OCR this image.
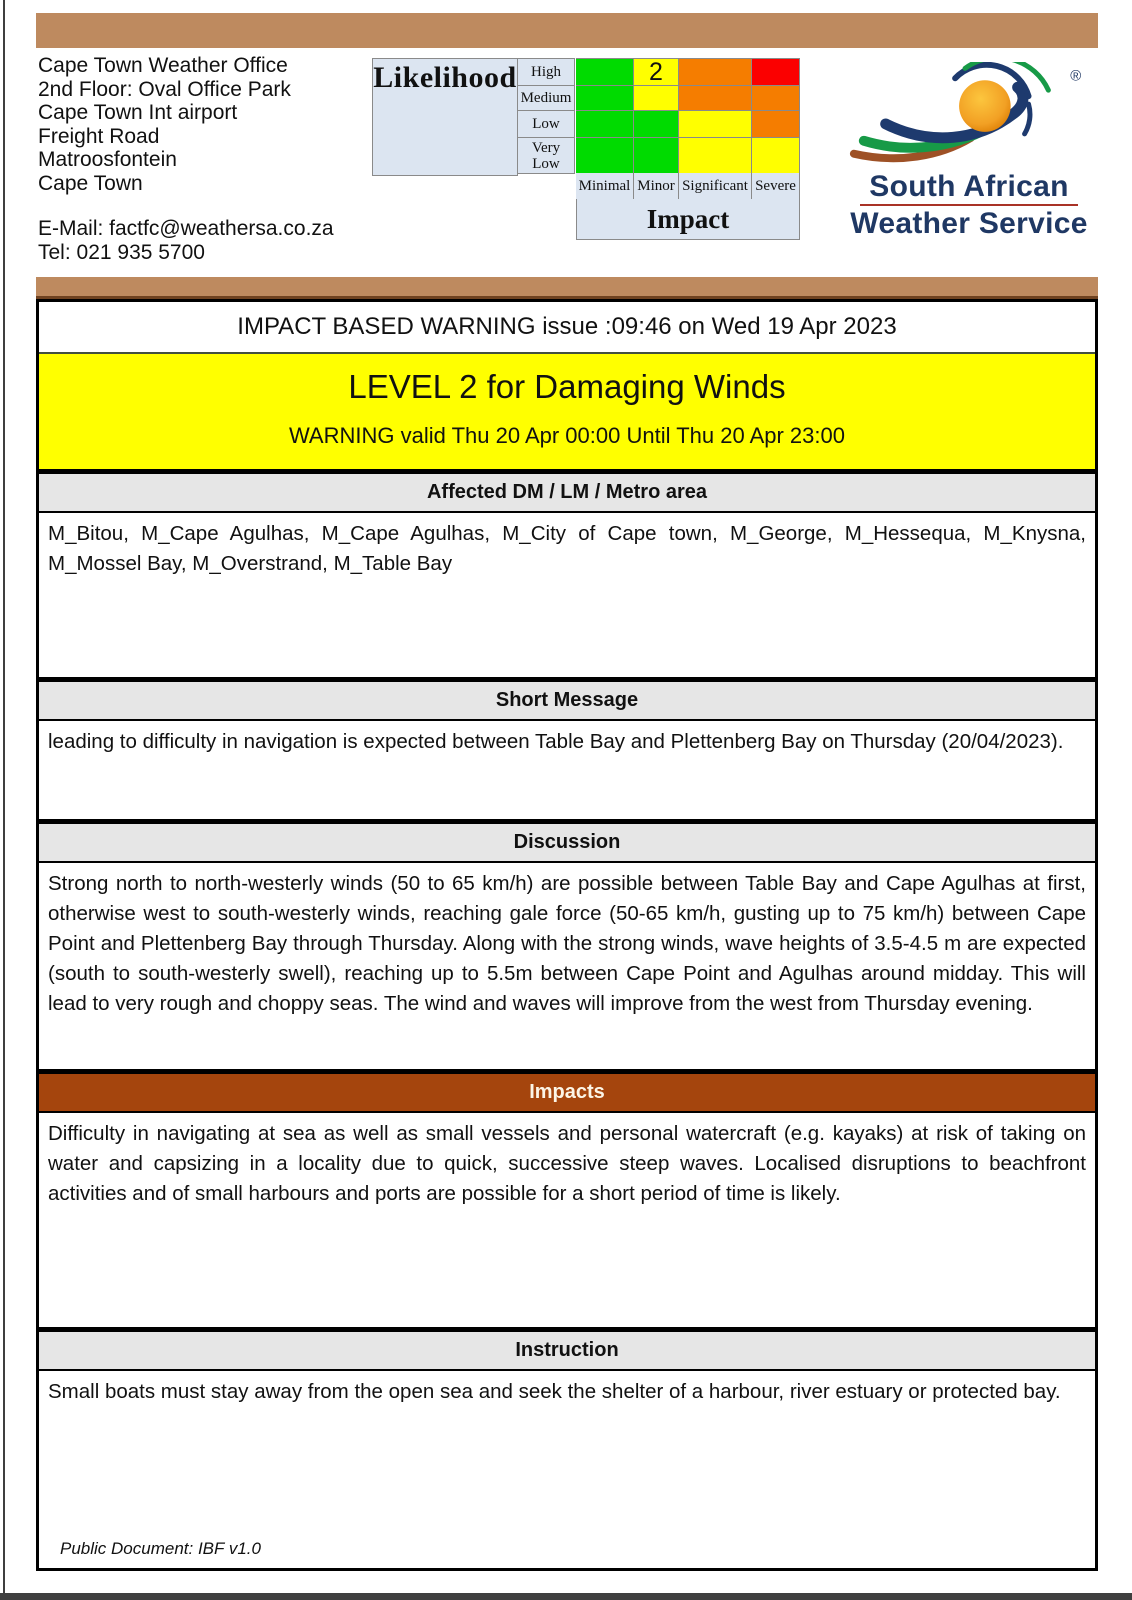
Cape Town Weather Office
2nd Floor: Oval Office Park
Cape Town Int airport
Freight Road
Matroosfontein
Cape Town
E-Mail: factfc@weathersa.co.za
Tel: 021 935 5700
Likelihood High
Medium
Low
Very Low
2
Minimal Minor Significant Severe
Impact
®
South African
Weather Service
IMPACT BASED WARNING issue :09:46 on Wed 19 Apr 2023
LEVEL 2 for Damaging Winds
WARNING valid Thu 20 Apr 00:00 Until Thu 20 Apr 23:00
Affected DM / LM / Metro area
M_Bitou, M_Cape Agulhas, M_Cape Agulhas, M_City of Cape town, M_George, M_Hessequa, M_Knysna, M_Mossel Bay, M_Overstrand, M_Table Bay
Short Message
leading to difficulty in navigation is expected between Table Bay and Plettenberg Bay on Thursday (20/04/2023).
Discussion
Strong north to north-westerly winds (50 to 65 km/h) are possible between Table Bay and Cape Agulhas at first, otherwise west to south-westerly winds, reaching gale force (50-65 km/h, gusting up to 75 km/h) between Cape Point and Plettenberg Bay through Thursday. Along with the strong winds, wave heights of 3.5-4.5 m are expected (south to south-westerly swell), reaching up to 5.5m between Cape Point and Agulhas around midday. This will lead to very rough and choppy seas. The wind and waves will improve from the west from Thursday evening.
Impacts
Difficulty in navigating at sea as well as small vessels and personal watercraft (e.g. kayaks) at risk of taking on water and capsizing in a locality due to quick, successive steep waves. Localised disruptions to beachfront activities and of small harbours and ports are possible for a short period of time is likely.
Instruction
Small boats must stay away from the open sea and seek the shelter of a harbour, river estuary or protected bay.
Public Document: IBF v1.0
